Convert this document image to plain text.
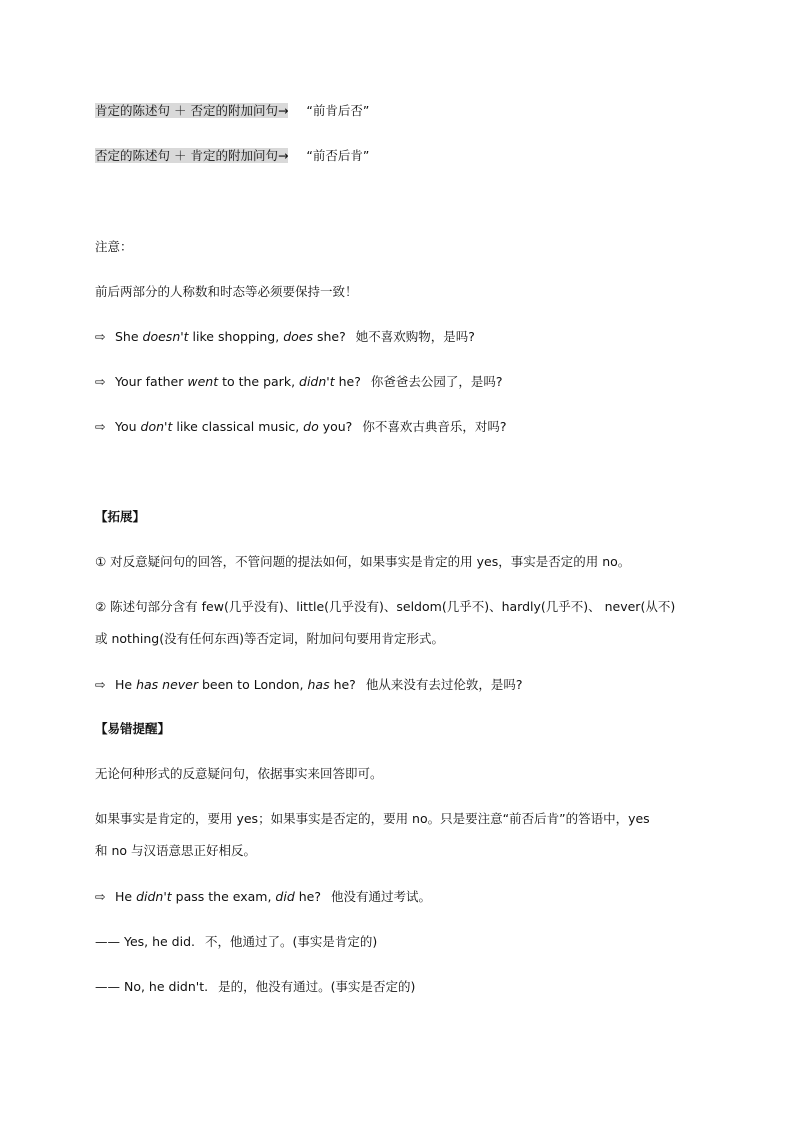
肯定的陈述句 ＋ 否定的附加问句→ “前肯后否”
否定的陈述句 ＋ 肯定的附加问句→ “前否后肯”
注意：
前后两部分的人称数和时态等必须要保持一致！
⇨ She doesn't like shopping, does she? 她不喜欢购物，是吗?
⇨ Your father went to the park, didn't he? 你爸爸去公园了，是吗?
⇨ You don't like classical music, do you? 你不喜欢古典音乐，对吗?
【拓展】
① 对反意疑问句的回答，不管问题的提法如何，如果事实是肯定的用 yes，事实是否定的用 no。
② 陈述句部分含有 few(几乎没有)、little(几乎没有)、seldom(几乎不)、hardly(几乎不)、 never(从不)
或 nothing(没有任何东西)等否定词，附加问句要用肯定形式。
⇨ He has never been to London, has he? 他从来没有去过伦敦，是吗?
【易错提醒】
无论何种形式的反意疑问句，依据事实来回答即可。
如果事实是肯定的，要用 yes；如果事实是否定的，要用 no。只是要注意“前否后肯”的答语中，yes
和 no 与汉语意思正好相反。
⇨ He didn't pass the exam, did he? 他没有通过考试。
—— Yes, he did. 不，他通过了。(事实是肯定的)
—— No, he didn't. 是的，他没有通过。(事实是否定的)
